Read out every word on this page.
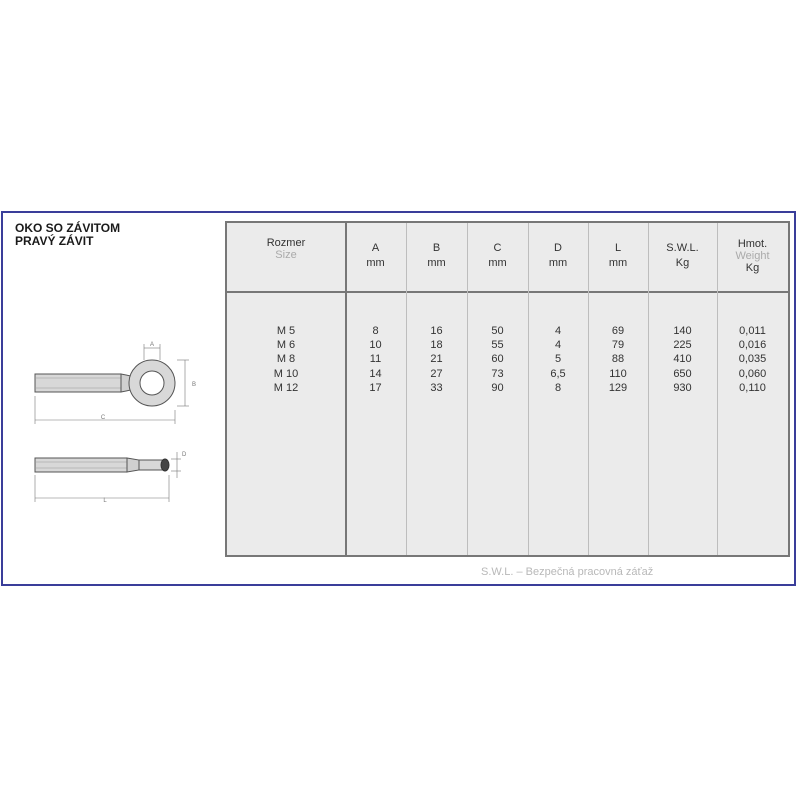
OKO SO ZÁVITOM
PRAVÝ ZÁVIT
A
B
C
D
L
Rozmer
Size
A
mm
B
mm
C
mm
D
mm
L
mm
S.W.L.
Kg
Hmot.
Weight
Kg
M 5
M 6
M 8
M 10
M 12
8
10
11
14
17
16
18
21
27
33
50
55
60
73
90
4
4
5
6,5
8
69
79
88
110
129
140
225
410
650
930
0,011
0,016
0,035
0,060
0,110
S.W.L. – Bezpečná pracovná záťaž
